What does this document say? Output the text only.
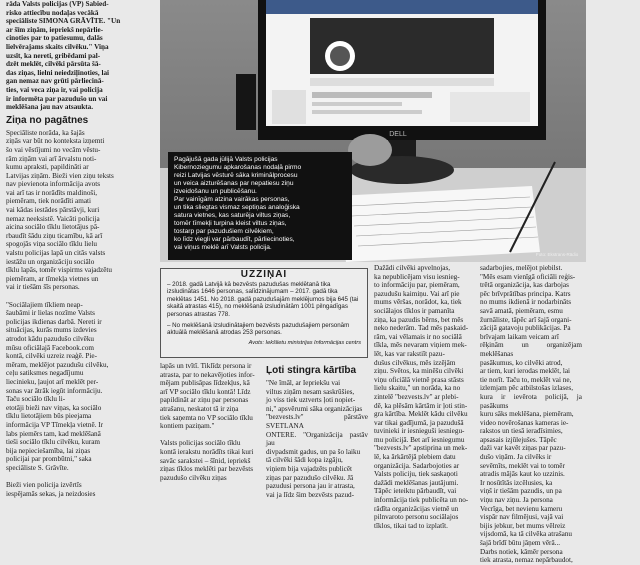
rāda Valsts policijas (VP) Sabied-
risko attiecību nodaļas vecākā
speciāliste SIMONA GRĀVĪTE. "Un
ar šīm ziņām, iepriekš nepārlie-
cinoties par to patiesumu, dalās
lielvērajams skaits cilvēku." Viņa
uzsīt, ka nereti, gribēdami pal-
dzēt meklēt, cilvēki pārsūta šā-
das ziņas, lielni neiedziļinoties, lai
gan nemaz nav grūti pārliecinā-
ties, vai veca ziņa ir, vai policija
ir informēta par pazudušo un vai
meklēšana jau nav atsaukta.
Ziņa no pagātnes
Speciāliste norāda, ka šajās
ziņās var būt no konteksta izņemti
šo vai vēstījumi no vecām vēstu-
rām ziņām vai arī ārvalstu noti-
kumu apraksti, papildināti ar
Latvijas ziņām. Bieži vien ziņu teksts
nav pievienota informācija avots
vai arī tas ir norādīts maldinoši,
piemēram, tiek norādīti amati
vai kādas iestādes pārstāvji, kuri
nemaz neeksistē. Vaicāti policija
aicina sociālo tīklu lietotājus pā-
rbaudīt šādu ziņu ticamību, kā arī
spogojās viņa sociālo tīklu lielu
valstu policijas lapā un citās valsts
iestāžu un organizāciju sociālo
tīklu lapās, tomēr vispirms vajadzētu
piemēram, ar tīmekļa vietnes un
vai ir tiešām šīs personas.

"Sociālajiem tīkliem neap-
šaubāmi ir lielas nozīme Valsts
policijas ikdienas darbā. Nereti ir
situācijas, kurās mums izdevies
atrodot kādu pazudušo cilvēku
mūsu oficiālajā Facebook.com
kontā, cilvēki uzreiz reaģē. Pie-
mēram, meklējot pazudušu cilvēku,
ceļu satiksmes negadījumu
liecinieku, ļaujot arī meklēt per-
sonas var ātrāk iegūt informāciju.
Taču sociālo tīklu li-
etotāji bieži nav viņas, ka sociālo
tīklu lietotājiem būs pieejama
informācija VP Tīmekļa vietnē. Ir
labs piemērs tam, kad meklēšanā
tieši sociālo tīklu cilvēku, kuram
bija nepieciešamība, lai ziņas
policijai par prombūtni," saka
speciāliste S. Grāvīte.

Bieži vien policija izvērtīs
iespējamās sekas, ja neizdosies
DELL
Pagājušā gada jūlijā Valsts policijas
Kibernoziegumu apkarošanas nodaļā pirmo
reizi Latvijas vēsturē sāka kriminālprocesu
un veica aizturēšanas par nepatiesu ziņu
izveidošanu un publicēšanu.
Par vainīgām atzina vairākas personas,
un tika sliegtas vismaz septiņas analoģiska
satura vietnes, kas saturēja viltus ziņas,
tomēr tīmekļi turpina kleist viltus ziņas,
tostarp par pazudušiem cilvēkiem,
ko līdz viegli var pārbaudīt, pārliecinoties,
vai viņus meklē arī Valsts policija.
Foto: Ekstrans-Rādio
UZZIŅAI

– 2018. gadā Latvijā kā bezvēsts pazudušas meklētanā tika izsludinātas 1646 personas, salīdzinājumam – 2017. gadā tika meklētas 1451. No 2018. gadā pazudušajām meklējumos bija 645 (tai skaitā atrastas 415), no meklēšanā izsludinātām 1001 pilngadīgas personas atrastas 778.

– No meklēšanā izsludinātajiem bezvēsts pazudušajiem personām aktuālā meklēšanā atrodas 253 personas.

Avots: Iekšlietu ministrijas Informācijas centrs

lapās un tvītī. Tiklīdz persona ir
atrasta, par to nekavējoties infor-
mējam publisāpas līdzekļus, kā
arī VP sociālo tīklu kontā! Līdz
papildināt ar ziņu par personas
atrašanu, neskatot tā ir ziņa
tiek saņemta no VP sociālo tīklu
kontiem paziņam."

Valsts policijas sociālo tīklu
kontā ierakstu norādīts tikai kuri
savāc sarakstei – šīnid, iepriekš
ziņas tīklos meklēti par bezvēsts
pazudušo cilvēku ziņas
Ļoti stingra kārtība
"Ne īmāl, ar Iepriekšu vai
viltus ziņām nesam saskrūšies,
jo viss tiek uztverts ļoti nopiet-
ni," apsvērumi sāka organizācijas
"bezvests.lv" pārstāve SVETLANA
ONTERE. "Organizācija pastāv jau
divpadsmit gadus, un pa šo laiku
tā cilvēki šādi kopa izgāju,
viņiem bija vajadzēts publicēt
ziņas par pazudušo cilvēku. Jā
pazudusi persona jau ir atrasta,
vai ja līdz šim bezvēsts pazud-
Dažādi cilvēki apvelnojas,
ka nepublicējam visu iesnieg-
to informāciju par, piemēram,
pazudušu kaimiņu. Vai arī pie
mums vēršas, norādot, ka, tiek
sociālajos tīklos ir pamanīta
ziņa, ka pazudis bērns, bet mēs
neko nederām. Tad mēs paskaid-
rām, vai vēlamais ir no sociālā
tīkla, mēs nevaram viņiem mek-
lēt, kas var rakstiīt pazu-
dušus cilvēkus, mēs izzējām
ziņu. Svētos, ka minēšu cilvēki
viņu oficiālā vietnē prasa stāsts
lielu skaitu," un norāda, ka no
zintelē "bezvests.lv" ar plebi-
dē, ka plēsām kārtām ir ļoti stin-
gra kārtība. Meklēt kādu cilvēku
var tikai gadījumā, ja pazudušā
tuvinieki ir iesnieguši iesniegu-
mu policijā. Bet arī iesniegumu
"bezvests.lv" apstiprina un mek-
lē, ka ārkārtējā plebiem datu
organizācija. Sadarbojoties ar
Valsts policiju, tiek saskaņoti
dažādi meklēšanas jautājumi.
Tāpēc ieteiktu pārbaudīt, vai
informācija tiek publicēta un no-
rādīta organizācijas vietnē un
pilnvaroto personu sociālajos
tīklos, tikai tad to izplatīt.
sadarbojies, melējot piebilst.
"Mēs esam vienīgā oficiāli reģis-
trētā organizācija, kas darbojas
pēc brīvprātības principa. Katrs
no mums ikdienā ir nodarbināts
savā amatā, piemēram, esmu
žurnāliste, tāpēc arī šajā organi-
zācijā gatavoju publikācijas. Pa
brīvajam laikam veicam arī
rēķinām un organizējam meklēšanas
pasākumus, ko cilvēki atrod,
ar tiem, kuri ierodas meklēt, lai
tie norīt. Taču to, meklēt vai ne,
izlemjam pēc atbilstošas izlases,
kura ir ievērota policijā, ja pasākums
kuru sāks meklēšana, piemēram,
video novērošanas kameras ie-
rakstos un tiesā ieradīsimies,
apsasais izjūlejušes. Tāpēc
daži var kavēt ziņas par pazu-
dušo viņām. Ja cilvēks ir
sevēmīts, meklēt vai to tomēr
atradis mājās kaut ko uzzinis.
Ir nosūtītās izcēlusies, ka
viņš ir tiešām pazudis, un pa
viņu nav ziņu. Ja persona
Vecrīga, bet nevienu kameru
vispār nav filmējusi, vajā vai
bijis jebkur, bet mums vēlreiz
vijsdomā, ka tā cilvēka atrašanu
šajā brīdī būtu jāņem vērā...
Darbs notiek, kāmēr persona
tiek atrasta, nemaz nepārbaudot,
